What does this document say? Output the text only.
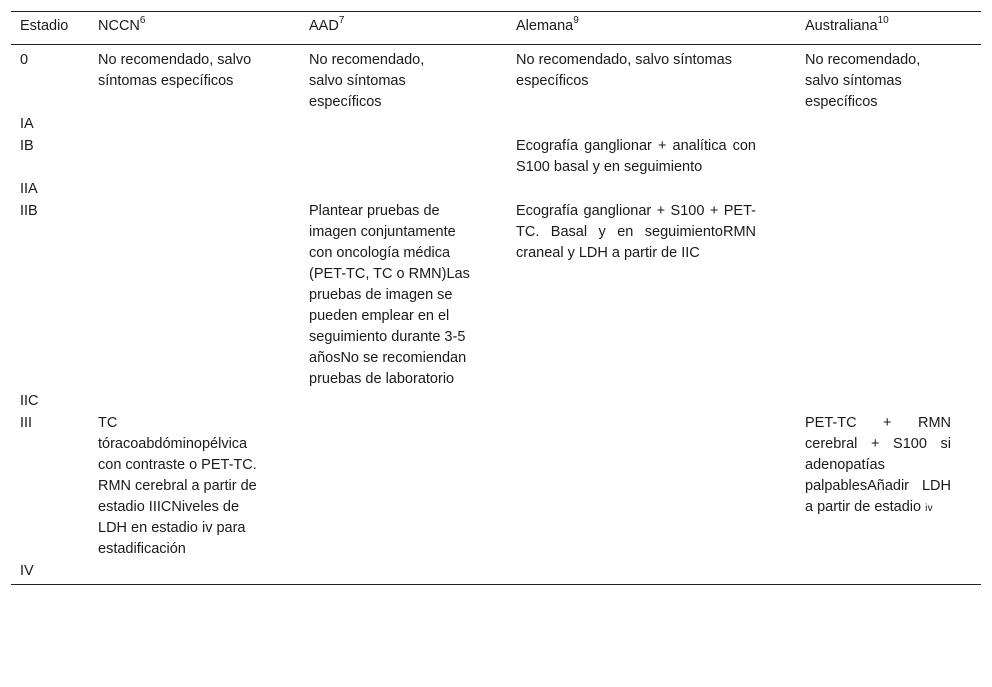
Estadio	NCCN$^6$	AAD$^7$	Alemana$^9$	Australiana$^{10}$
0	No recomendado, salvo síntomas específicos	No recomendado, salvo síntomas específicos	No recomendado, salvo síntomas específicos	No recomendado, salvo síntomas específicos

IA				
IB			Ecografía ganglionar + analítica con S100 basal y en seguimiento	

IIA				
IIB		Plantear pruebas de imagen conjuntamente con oncología médica (PET-TC, TC o RMN)Las pruebas de imagen se pueden emplear en el seguimiento durante 3-5 añosNo se recomiendan pruebas de laboratorio	Ecografía ganglionar + S100 + PET-TC. Basal y en seguimientoRMN craneal y LDH a partir de IIC	

IIC				
III	TC tóracoabdóminopélvica con contraste o PET-TC. RMN cerebral a partir de estadio IIICNiveles de LDH en estadio iv para estadificación			PET-TC + RMN cerebral + S100 si adenopatías palpablesAñadir LDH a partir de estadio iv

IV				
